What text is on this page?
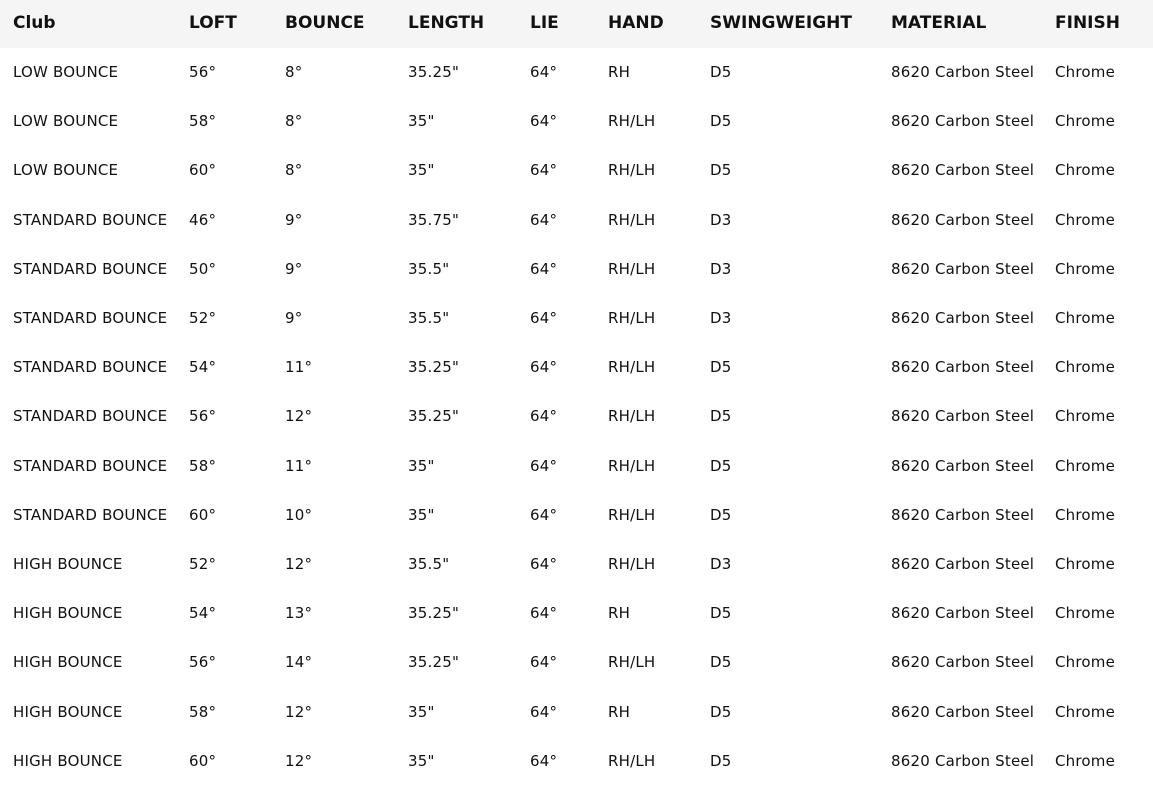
Club	LOFT	BOUNCE	LENGTH	LIE	HAND	SWINGWEIGHT	MATERIAL	FINISH
LOW BOUNCE	56°	8°	35.25"	64°	RH	D5	8620 Carbon Steel	Chrome
LOW BOUNCE	58°	8°	35"	64°	RH/LH	D5	8620 Carbon Steel	Chrome
LOW BOUNCE	60°	8°	35"	64°	RH/LH	D5	8620 Carbon Steel	Chrome
STANDARD BOUNCE	46°	9°	35.75"	64°	RH/LH	D3	8620 Carbon Steel	Chrome
STANDARD BOUNCE	50°	9°	35.5"	64°	RH/LH	D3	8620 Carbon Steel	Chrome
STANDARD BOUNCE	52°	9°	35.5"	64°	RH/LH	D3	8620 Carbon Steel	Chrome
STANDARD BOUNCE	54°	11°	35.25"	64°	RH/LH	D5	8620 Carbon Steel	Chrome
STANDARD BOUNCE	56°	12°	35.25"	64°	RH/LH	D5	8620 Carbon Steel	Chrome
STANDARD BOUNCE	58°	11°	35"	64°	RH/LH	D5	8620 Carbon Steel	Chrome
STANDARD BOUNCE	60°	10°	35"	64°	RH/LH	D5	8620 Carbon Steel	Chrome
HIGH BOUNCE	52°	12°	35.5"	64°	RH/LH	D3	8620 Carbon Steel	Chrome
HIGH BOUNCE	54°	13°	35.25"	64°	RH	D5	8620 Carbon Steel	Chrome
HIGH BOUNCE	56°	14°	35.25"	64°	RH/LH	D5	8620 Carbon Steel	Chrome
HIGH BOUNCE	58°	12°	35"	64°	RH	D5	8620 Carbon Steel	Chrome
HIGH BOUNCE	60°	12°	35"	64°	RH/LH	D5	8620 Carbon Steel	Chrome
